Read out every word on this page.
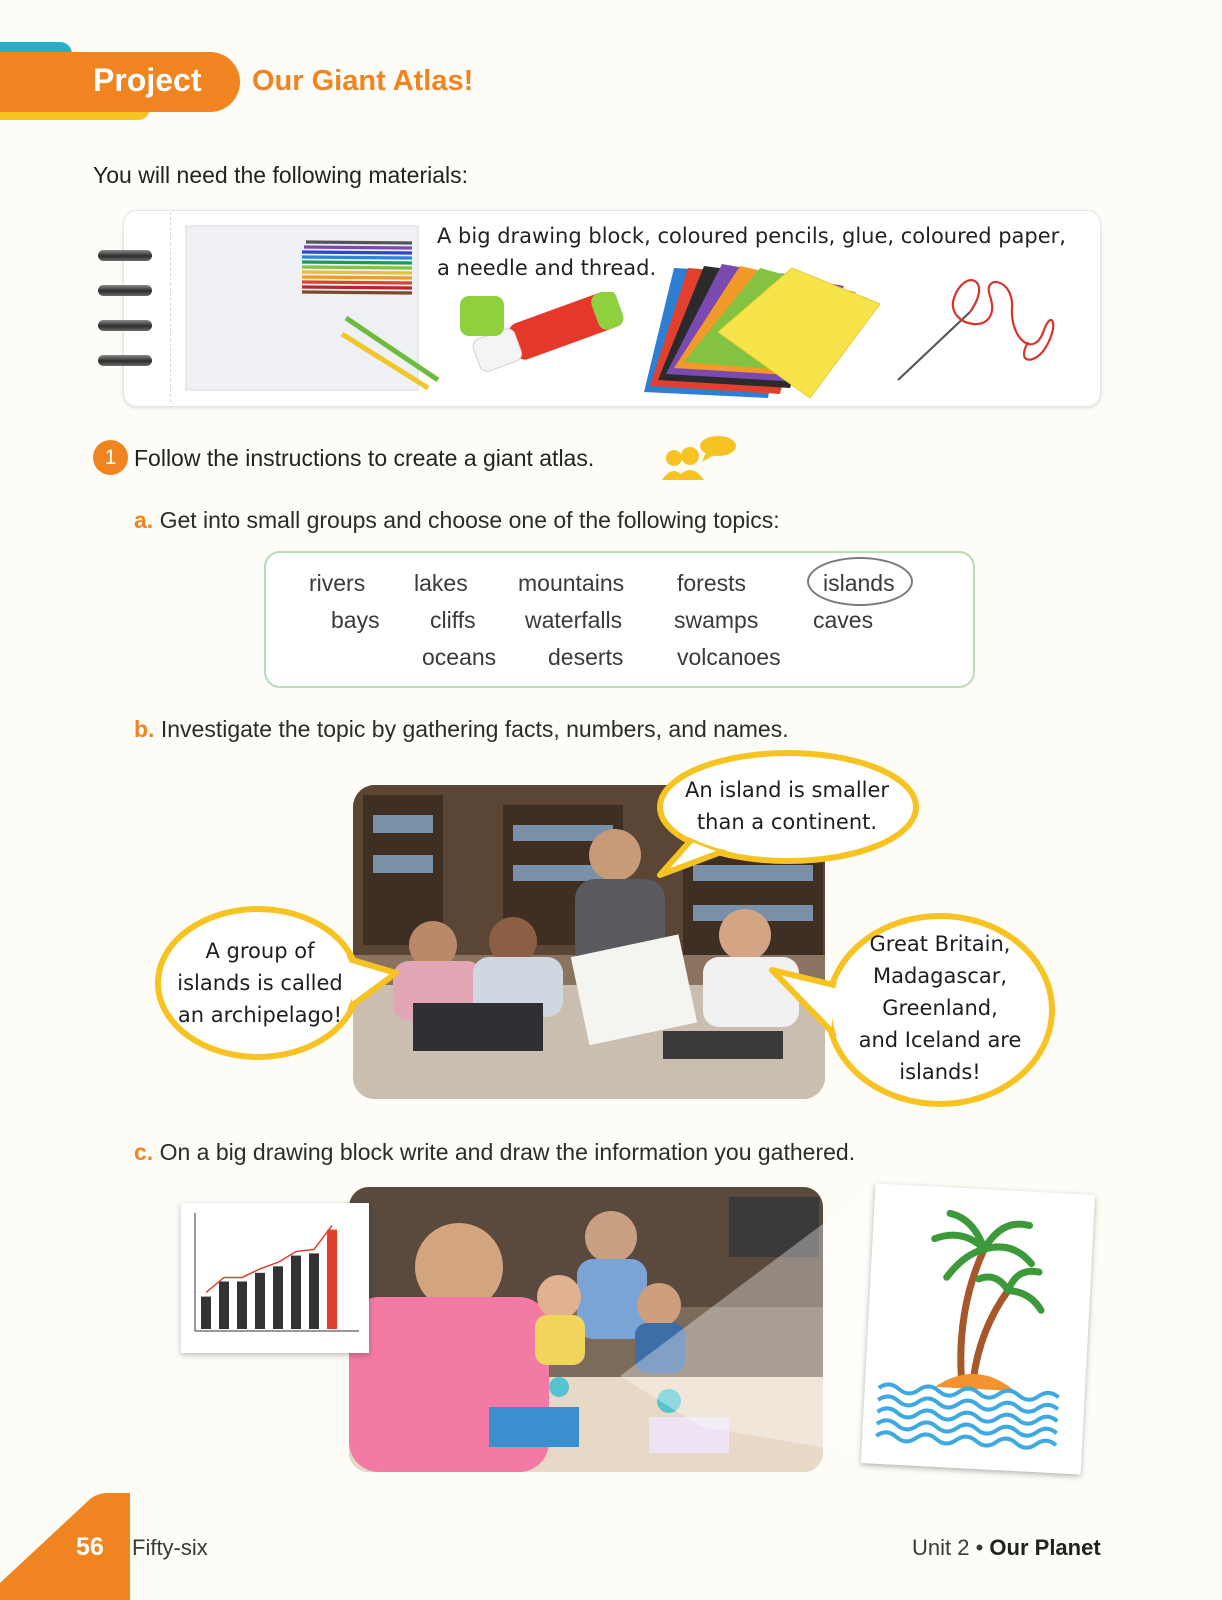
Project Our Giant Atlas!
You will need the following materials:
A big drawing block, coloured pencils, glue, coloured paper,
a needle and thread.
1 Follow the instructions to create a giant atlas.
a. Get into small groups and choose one of the following topics:
rivers lakes mountains forests	islands
bays cliffs waterfalls swamps caves
oceans deserts volcanoes
b. Investigate the topic by gathering facts, numbers, and names.
An island is smaller
than a continent.
A group of
islands is called
an archipelago!
Great Britain,
Madagascar,
Greenland,
and Iceland are
islands!
c. On a big drawing block write and draw the information you gathered.
56 Fifty-six	Unit 2 • Our Planet
